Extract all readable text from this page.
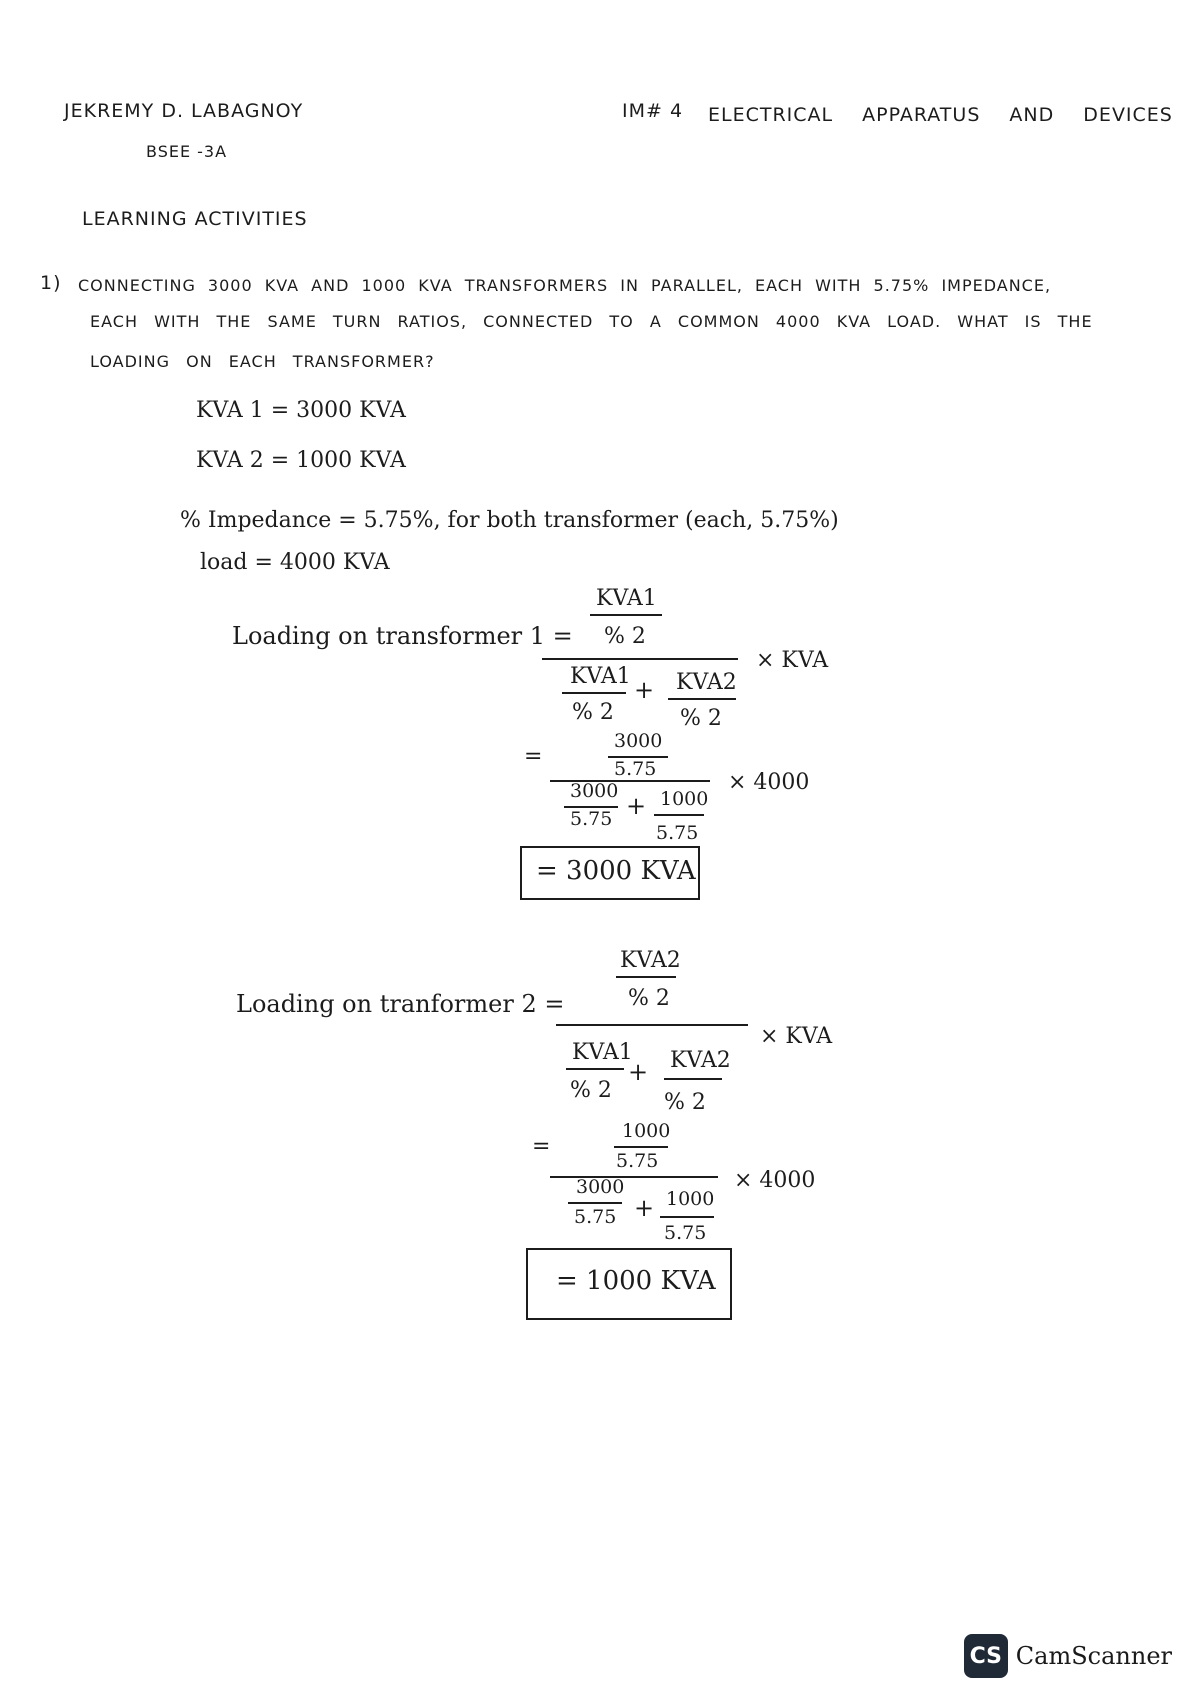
JEKREMY D. LABAGNOY
BSEE -3A
IM# 4 ELECTRICAL APPARATUS AND DEVICES
LEARNING ACTIVITIES
1) CONNECTING 3000 KVA AND 1000 KVA TRANSFORMERS IN PARALLEL, EACH WITH 5.75% IMPEDANCE,
EACH WITH THE SAME TURN RATIOS, CONNECTED TO A COMMON 4000 KVA LOAD. WHAT IS THE
LOADING ON EACH TRANSFORMER?
KVA 1 = 3000 KVA
KVA 2 = 1000 KVA
% Impedance = 5.75%, for both transformer (each, 5.75%)
load = 4000 KVA
Loading on transformer 1 =
KVA1
% 2
× KVA
KVA1
% 2
+ KVA2
% 2
=
3000
5.75
× 4000
3000
5.75 + 1000
5.75
= 3000 KVA
Loading on tranformer 2 =
KVA2
% 2
× KVA
KVA1
% 2
+ KVA2
% 2
=
1000
5.75
× 4000
3000
5.75 + 1000
5.75
= 1000 KVA
CS CamScanner
